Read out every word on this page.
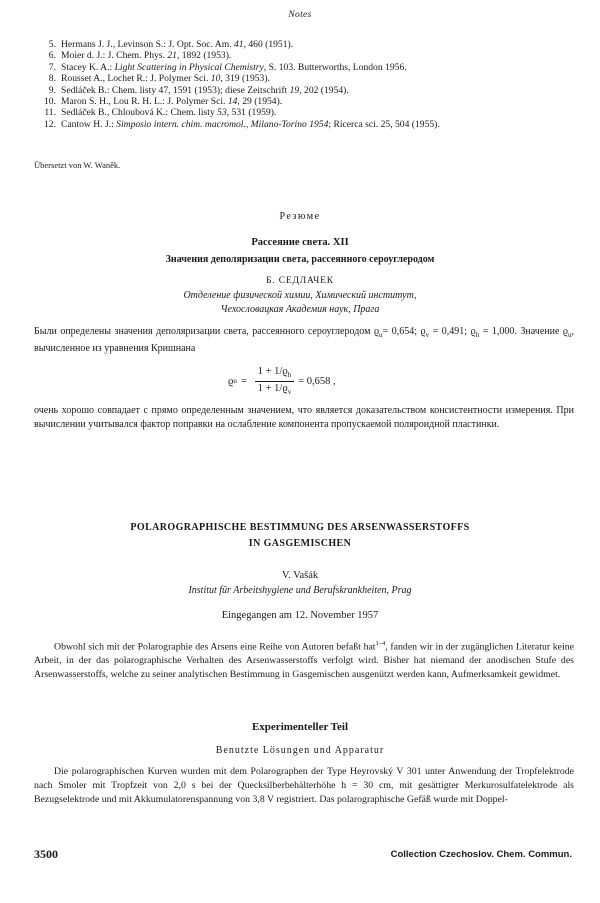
Notes
5. Hermans J. J., Levinson S.: J. Opt. Soc. Am. 41, 460 (1951).
6. Moier d. J.: J. Chem. Phys. 21, 1892 (1953).
7. Stacey K. A.: Light Scattering in Physical Chemistry, S. 103. Butterworths, London 1956.
8. Rousset A., Lochet R.: J. Polymer Sci. 10, 319 (1953).
9. Sedláček B.: Chem. listy 47, 1591 (1953); diese Zeitschrift 19, 202 (1954).
10. Maron S. H., Lou R. H. L.: J. Polymer Sci. 14, 29 (1954).
11. Sedláček B., Chloubová K.: Chem. listy 53, 531 (1959).
12. Cantow H. J.: Simposio intern. chim. macromol., Milano-Torino 1954; Ricerca sci. 25, 504 (1955).
Übersetzt von W. Waněk.
Резюме
Рассеяние света. XII
Значения деполяризации света, рассеянного сероуглеродом
Б. СЕДЛАЧЕК
Отделение физической химии, Химический институт,
Чехословацкая Академия наук, Прага
Были определены значения деполяризации света, рассеянного сероуглеродом $ϱ_u= 0,654$; $ϱ_v = 0,491$; $ϱ_h = 1,000$. Значение $ϱ_u$, вычисленное из уравнения Кришнана
ϱ $u = \frac{1 + 1/ϱ_h}{1 + 1/ϱ_v} = 0,658$ ,
очень хорошо совпадает с прямо определенным значением, что является доказательством консистентности измерения. При вычислении учитывался фактор поправки на ослабление компонента пропускаемой поляроидной пластинки.
POLAROGRAPHISCHE BESTIMMUNG DES ARSENWASSERSTOFFS
IN GASGEMISCHEN
V. Vašák
Institut für Arbeitshygiene und Berufskrankheiten, Prag
Eingegangen am 12. November 1957
Obwohl sich mit der Polarographie des Arsens eine Reihe von Autoren befaßt hat$^{1-4}$, fanden wir in der zugänglichen Literatur keine Arbeit, in der das polarographische Verhalten des Arsenwasserstoffs verfolgt wird. Bisher hat niemand der anodischen Stufe des Arsenwasserstoffs, welche zu seiner analytischen Bestimmung in Gasgemischen ausgenützt werden kann, Aufmerksamkeit gewidmet.
Experimenteller Teil
Benutzte Lösungen und Apparatur
Die polarographischen Kurven wurden mit dem Polarographen der Type Heyrovský V 301 unter Anwendung der Tropfelektrode nach Smoler mit Tropfzeit von 2,0 s bei der Quecksilberbehälterhöhe h = 30 cm, mit gesättigter Merkurosulfatelektrode als Bezugselektrode und mit Akkumulatorenspannung von 3,8 V registriert. Das polarographische Gefäß wurde mit Doppel-
3500	Collection Czechoslov. Chem. Commun.
